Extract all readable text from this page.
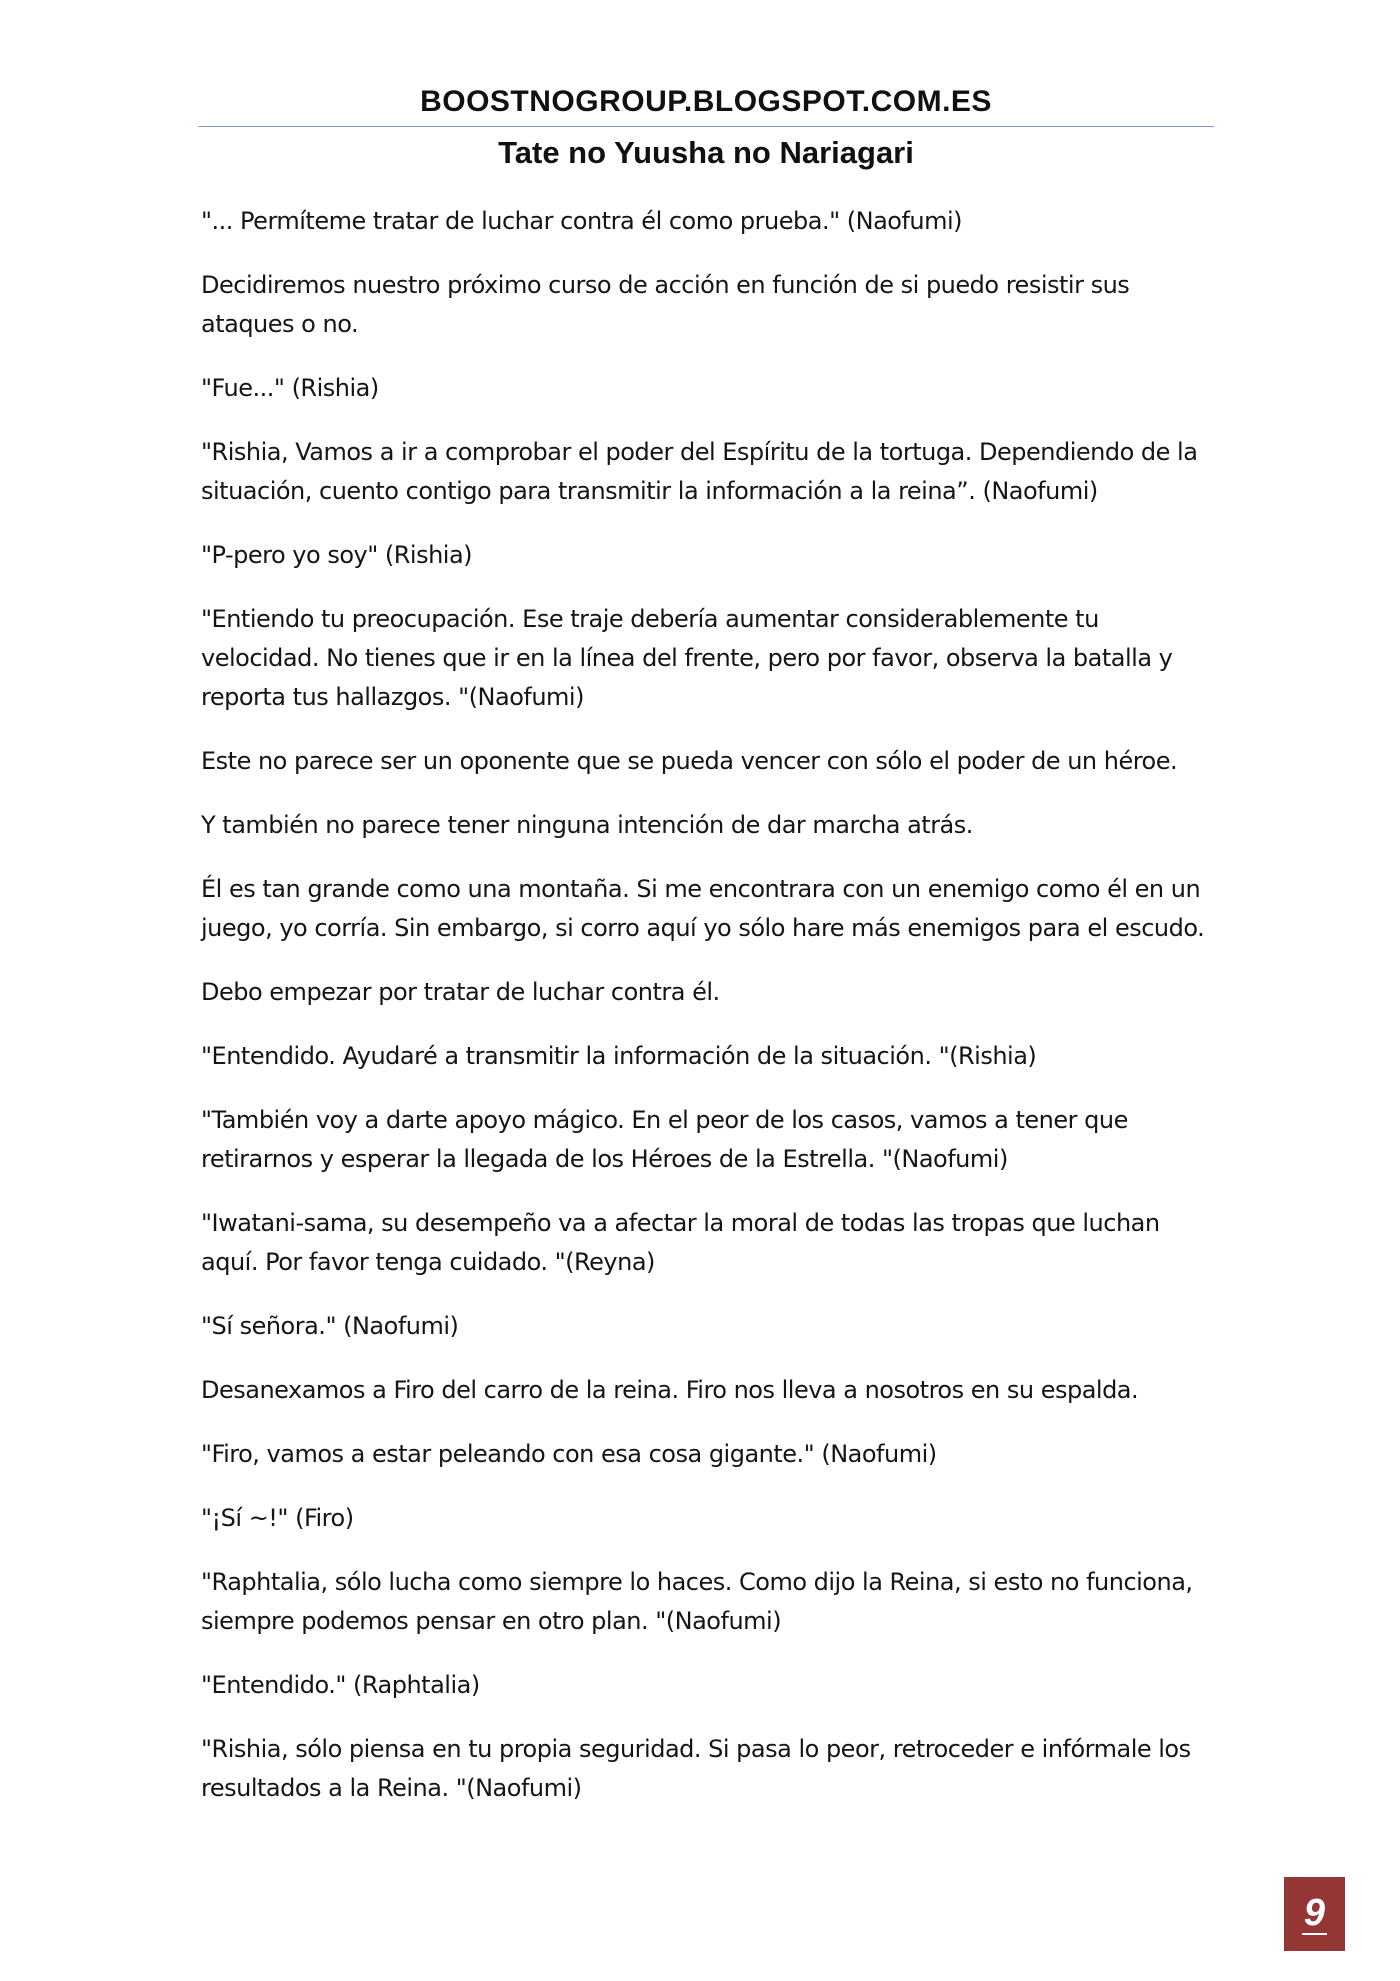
BOOSTNOGROUP.BLOGSPOT.COM.ES
Tate no Yuusha no Nariagari

"... Permíteme tratar de luchar contra él como prueba." (Naofumi)

Decidiremos nuestro próximo curso de acción en función de si puedo resistir sus ataques o no.

"Fue..." (Rishia)

"Rishia, Vamos a ir a comprobar el poder del Espíritu de la tortuga. Dependiendo de la situación, cuento contigo para transmitir la información a la reina”. (Naofumi)

"P-pero yo soy" (Rishia)

"Entiendo tu preocupación. Ese traje debería aumentar considerablemente tu velocidad. No tienes que ir en la línea del frente, pero por favor, observa la batalla y reporta tus hallazgos. "(Naofumi)

Este no parece ser un oponente que se pueda vencer con sólo el poder de un héroe.

Y también no parece tener ninguna intención de dar marcha atrás.

Él es tan grande como una montaña. Si me encontrara con un enemigo como él en un juego, yo corría. Sin embargo, si corro aquí yo sólo hare más enemigos para el escudo.

Debo empezar por tratar de luchar contra él.

"Entendido. Ayudaré a transmitir la información de la situación. "(Rishia)

"También voy a darte apoyo mágico. En el peor de los casos, vamos a tener que retirarnos y esperar la llegada de los Héroes de la Estrella. "(Naofumi)

"Iwatani-sama, su desempeño va a afectar la moral de todas las tropas que luchan aquí. Por favor tenga cuidado. "(Reyna)

"Sí señora." (Naofumi)

Desanexamos a Firo del carro de la reina. Firo nos lleva a nosotros en su espalda.

"Firo, vamos a estar peleando con esa cosa gigante." (Naofumi)

"¡Sí ~!" (Firo)

"Raphtalia, sólo lucha como siempre lo haces. Como dijo la Reina, si esto no funciona, siempre podemos pensar en otro plan. "(Naofumi)

"Entendido." (Raphtalia)

"Rishia, sólo piensa en tu propia seguridad. Si pasa lo peor, retroceder e infórmale los resultados a la Reina. "(Naofumi)

9
